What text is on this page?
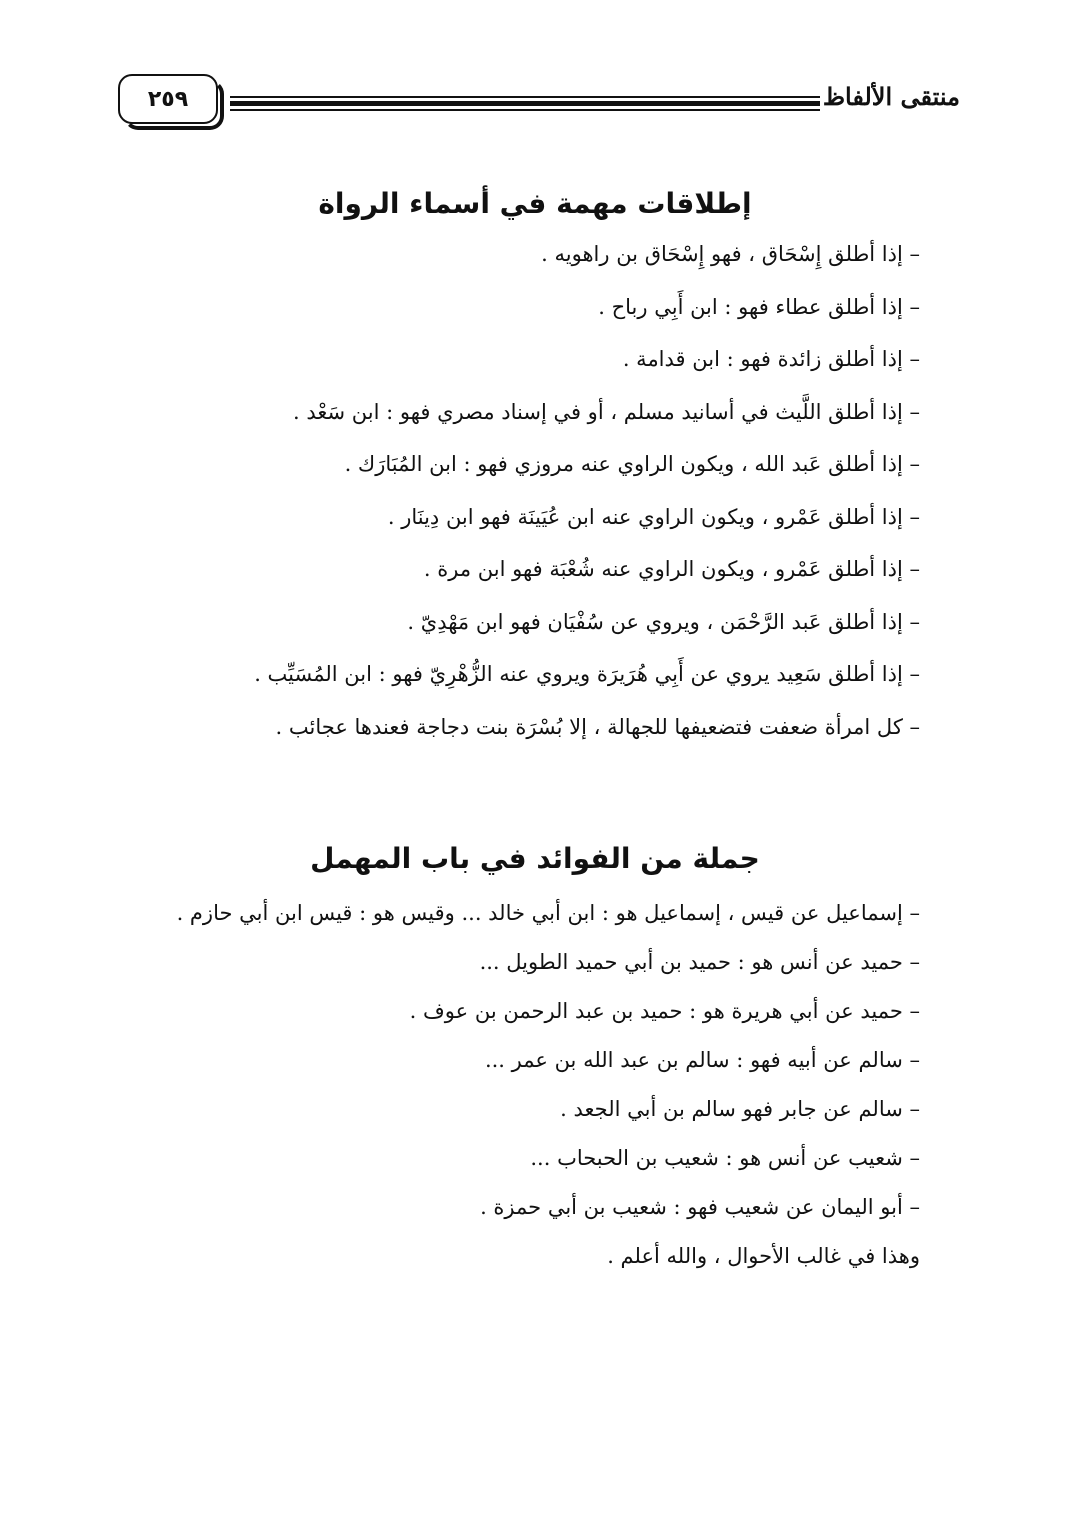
٢٥٩	منتقى الألفاظ
إطلاقات مهمة في أسماء الرواة
– إذا أطلق إِسْحَاق ، فهو إِسْحَاق بن راهويه .
– إذا أطلق عطاء فهو : ابن أَبِي رباح .
– إذا أطلق زائدة فهو : ابن قدامة .
– إذا أطلق اللَّيث في أسانيد مسلم ، أو في إسناد مصري فهو : ابن سَعْد .
– إذا أطلق عَبد الله ، ويكون الراوي عنه مروزي فهو : ابن المُبَارَك .
– إذا أطلق عَمْرو ، ويكون الراوي عنه ابن عُيَينَة فهو ابن دِينَار .
– إذا أطلق عَمْرو ، ويكون الراوي عنه شُعْبَة فهو ابن مرة .
– إذا أطلق عَبد الرَّحْمَن ، ويروي عن سُفْيَان فهو ابن مَهْدِيّ .
– إذا أطلق سَعِيد يروي عن أَبِي هُرَيرَة ويروي عنه الزُّهْرِيّ فهو : ابن المُسَيِّب .
– كل امرأة ضعفت فتضعيفها للجهالة ، إلا بُسْرَة بنت دجاجة فعندها عجائب .
جملة من الفوائد في باب المهمل
– إسماعيل عن قيس ، إسماعيل هو : ابن أبي خالد ... وقيس هو : قيس ابن أبي حازم .
– حميد عن أنس هو : حميد بن أبي حميد الطويل ...
– حميد عن أبي هريرة هو : حميد بن عبد الرحمن بن عوف .
– سالم عن أبيه فهو : سالم بن عبد الله بن عمر ...
– سالم عن جابر فهو سالم بن أبي الجعد .
– شعيب عن أنس هو : شعيب بن الحبحاب ...
– أبو اليمان عن شعيب فهو : شعيب بن أبي حمزة .
وهذا في غالب الأحوال ، والله أعلم .
